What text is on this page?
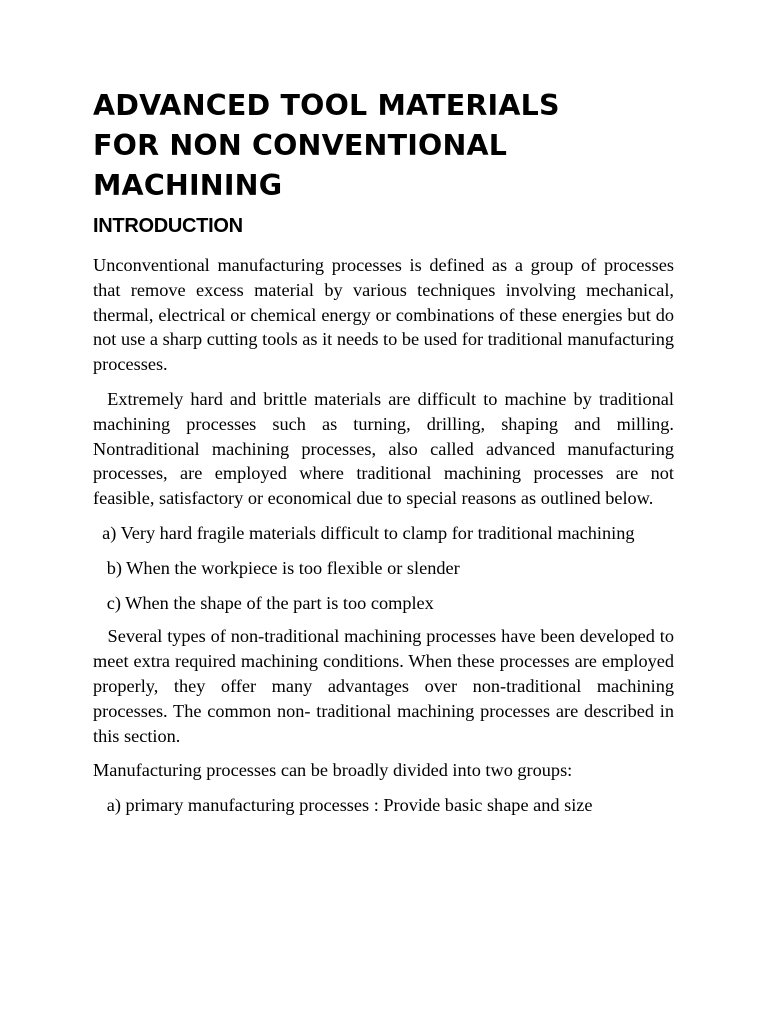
ADVANCED TOOL MATERIALS
FOR NON CONVENTIONAL
MACHINING
INTRODUCTION

Unconventional manufacturing processes is defined as a group of processes that remove excess material by various techniques involving mechanical, thermal, electrical or chemical energy or combinations of these energies but do not use a sharp cutting tools as it needs to be used for traditional manufacturing processes.

Extremely hard and brittle materials are difficult to machine by traditional machining processes such as turning, drilling, shaping and milling. Nontraditional machining processes, also called advanced manufacturing processes, are employed where traditional machining processes are not feasible, satisfactory or economical due to special reasons as outlined below.

a) Very hard fragile materials difficult to clamp for traditional machining

b) When the workpiece is too flexible or slender

c) When the shape of the part is too complex

Several types of non-traditional machining processes have been developed to meet extra required machining conditions. When these processes are employed properly, they offer many advantages over non-traditional machining processes. The common non- traditional machining processes are described in this section.

Manufacturing processes can be broadly divided into two groups:

a) primary manufacturing processes : Provide basic shape and size
